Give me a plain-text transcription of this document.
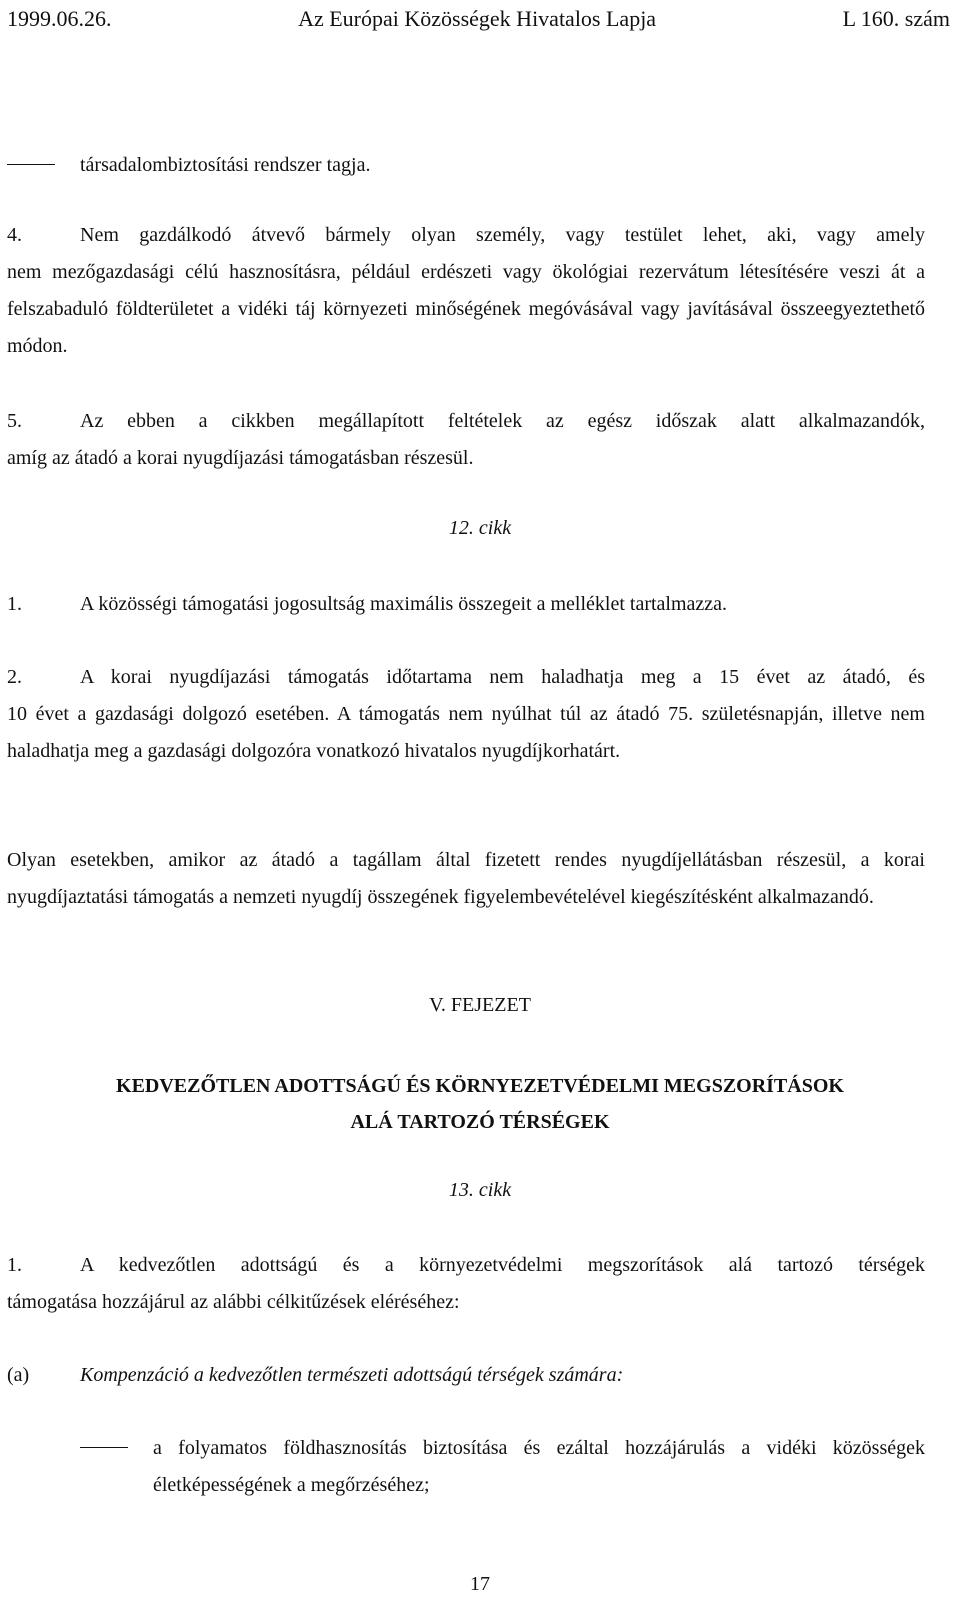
1999.06.26.	Az Európai Közösségek Hivatalos Lapja	L 160. szám
társadalombiztosítási rendszer tagja.
4.	Nem gazdálkodó átvevő bármely olyan személy, vagy testület lehet, aki, vagy amely
nem mezőgazdasági célú hasznosításra, például erdészeti vagy ökológiai rezervátum létesítésére veszi át a felszabaduló földterületet a vidéki táj környezeti minőségének megóvásával vagy javításával összeegyeztethető módon.
5.	Az ebben a cikkben megállapított feltételek az egész időszak alatt alkalmazandók,
amíg az átadó a korai nyugdíjazási támogatásban részesül.
12. cikk
1.	A közösségi támogatási jogosultság maximális összegeit a melléklet tartalmazza.
2.	A korai nyugdíjazási támogatás időtartama nem haladhatja meg a 15 évet az átadó, és
10 évet a gazdasági dolgozó esetében. A támogatás nem nyúlhat túl az átadó 75. születésnapján, illetve nem haladhatja meg a gazdasági dolgozóra vonatkozó hivatalos nyugdíjkorhatárt.
Olyan esetekben, amikor az átadó a tagállam által fizetett rendes nyugdíjellátásban részesül, a korai nyugdíjaztatási támogatás a nemzeti nyugdíj összegének figyelembevételével kiegészítésként alkalmazandó.
V. FEJEZET
KEDVEZŐTLEN ADOTTSÁGÚ ÉS KÖRNYEZETVÉDELMI MEGSZORÍTÁSOK
ALÁ TARTOZÓ TÉRSÉGEK
13. cikk
1.	A kedvezőtlen adottságú és a környezetvédelmi megszorítások alá tartozó térségek
támogatása hozzájárul az alábbi célkitűzések eléréséhez:
(a)	Kompenzáció a kedvezőtlen természeti adottságú térségek számára:
a folyamatos földhasznosítás biztosítása és ezáltal hozzájárulás a vidéki közösségek életképességének a megőrzéséhez;
17
